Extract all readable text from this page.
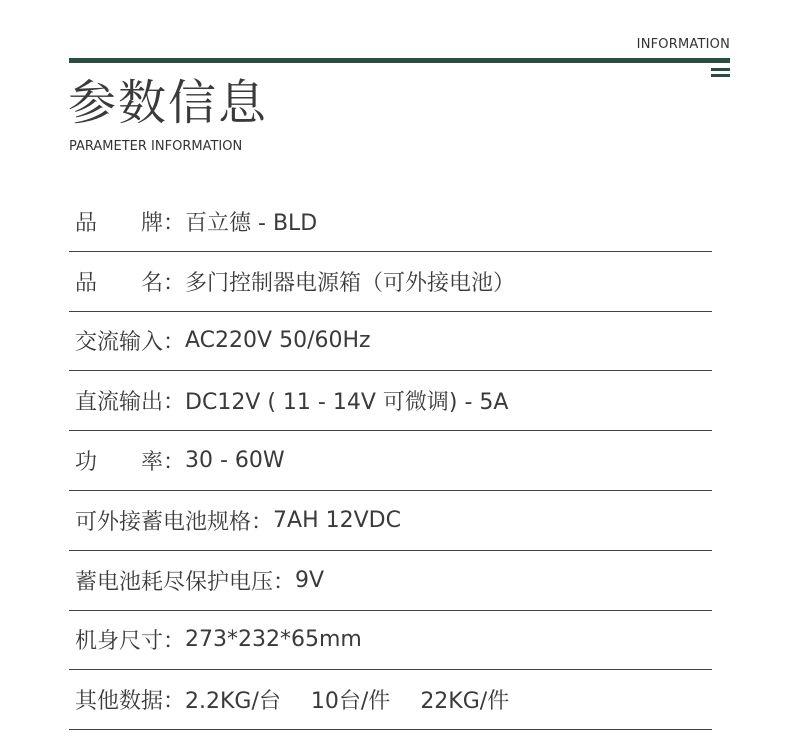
INFORMATION
参数信息
PARAMETER INFORMATION
品　　牌： 百立德 - BLD
品　　名： 多门控制器电源箱（可外接电池）
交流输入： AC220V 50/60Hz
直流输出： DC12V ( 11 - 14V 可微调) - 5A
功　　率： 30 - 60W
可外接蓄电池规格： 7AH 12VDC
蓄电池耗尽保护电压： 9V
机身尺寸： 273*232*65mm
其他数据： 2.2KG/台 10台/件 22KG/件
